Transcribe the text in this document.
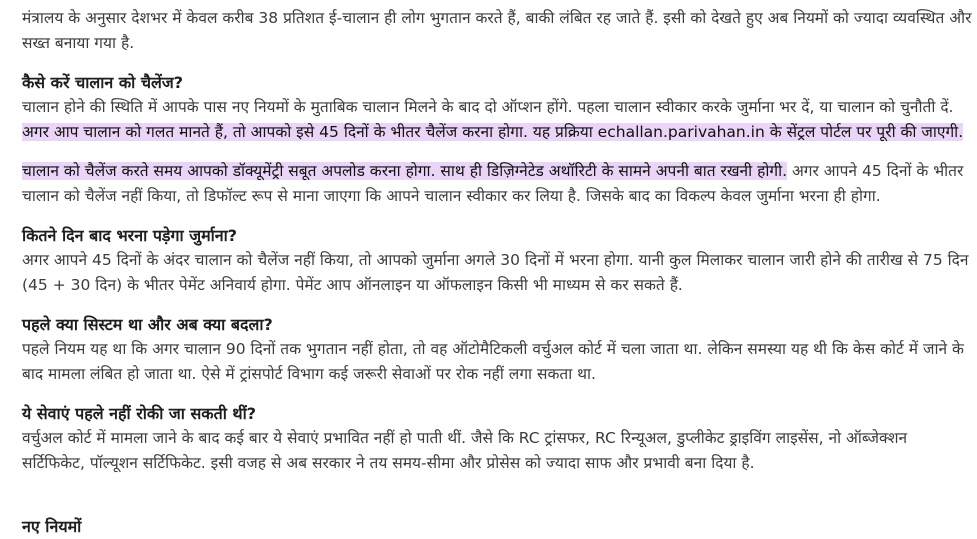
मंत्रालय के अनुसार देशभर में केवल करीब 38 प्रतिशत ई-चालान ही लोग भुगतान करते हैं, बाकी लंबित रह जाते हैं. इसी को देखते हुए अब नियमों को ज्यादा व्यवस्थित और सख्त बनाया गया है.

कैसे करें चालान को चैलेंज?

चालान होने की स्थिति में आपके पास नए नियमों के मुताबिक चालान मिलने के बाद दो ऑप्शन होंगे. पहला चालान स्वीकार करके जुर्माना भर दें, या चालान को चुनौती दें. अगर आप चालान को गलत मानते हैं, तो आपको इसे 45 दिनों के भीतर चैलेंज करना होगा. यह प्रक्रिया echallan.parivahan.in के सेंट्रल पोर्टल पर पूरी की जाएगी.

चालान को चैलेंज करते समय आपको डॉक्यूमेंट्री सबूत अपलोड करना होगा. साथ ही डिज़िग्नेटेड अथॉरिटी के सामने अपनी बात रखनी होगी. अगर आपने 45 दिनों के भीतर चालान को चैलेंज नहीं किया, तो डिफॉल्ट रूप से माना जाएगा कि आपने चालान स्वीकार कर लिया है. जिसके बाद का विकल्प केवल जुर्माना भरना ही होगा.

कितने दिन बाद भरना पड़ेगा जुर्माना?

अगर आपने 45 दिनों के अंदर चालान को चैलेंज नहीं किया, तो आपको जुर्माना अगले 30 दिनों में भरना होगा. यानी कुल मिलाकर चालान जारी होने की तारीख से 75 दिन (45 + 30 दिन) के भीतर पेमेंट अनिवार्य होगा. पेमेंट आप ऑनलाइन या ऑफलाइन किसी भी माध्यम से कर सकते हैं.

पहले क्या सिस्टम था और अब क्या बदला?

पहले नियम यह था कि अगर चालान 90 दिनों तक भुगतान नहीं होता, तो वह ऑटोमैटिकली वर्चुअल कोर्ट में चला जाता था. लेकिन समस्या यह थी कि केस कोर्ट में जाने के बाद मामला लंबित हो जाता था. ऐसे में ट्रांसपोर्ट विभाग कई जरूरी सेवाओं पर रोक नहीं लगा सकता था.

ये सेवाएं पहले नहीं रोकी जा सकती थीं?

वर्चुअल कोर्ट में मामला जाने के बाद कई बार ये सेवाएं प्रभावित नहीं हो पाती थीं. जैसे कि RC ट्रांसफर, RC रिन्यूअल, डुप्लीकेट ड्राइविंग लाइसेंस, नो ऑब्जेक्शन सर्टिफिकेट, पॉल्यूशन सर्टिफिकेट. इसी वजह से अब सरकार ने तय समय-सीमा और प्रोसेस को ज्यादा साफ और प्रभावी बना दिया है.

नए नियमों
